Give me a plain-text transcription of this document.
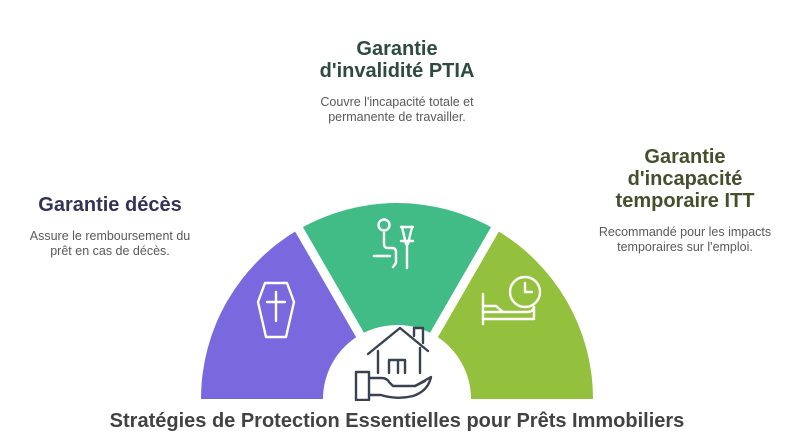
Garantie décès
Assure le remboursement du
prêt en cas de décès.
Garantie
d'invalidité PTIA
Couvre l'incapacité totale et
permanente de travailler.
Garantie
d'incapacité
temporaire ITT
Recommandé pour les impacts
temporaires sur l'emploi.
Stratégies de Protection Essentielles pour Prêts Immobiliers
